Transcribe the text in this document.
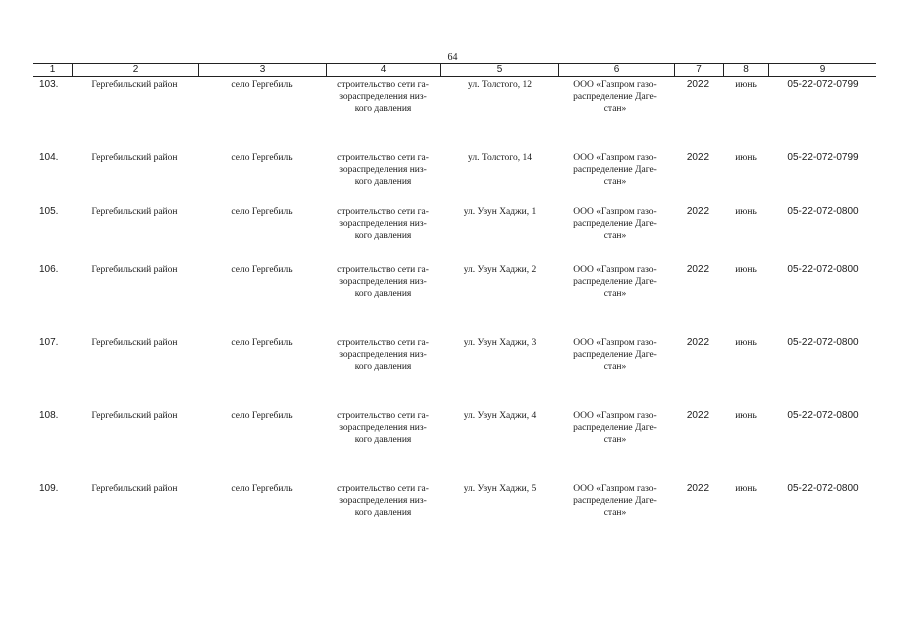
64
1	2	3	4	5	6	7	8	9
103.	Гергебильский район	село Гергебиль	строительство сети га-
зораспределения низ-
кого давления
ул. Толстого, 12	ООО «Газпром газо-
распределение Даге-
стан»
2022	июнь	05-22-072-0799
104.	Гергебильский район	село Гергебиль	строительство сети га-
зораспределения низ-
кого давления
ул. Толстого, 14	ООО «Газпром газо-
распределение Даге-
стан»
2022	июнь	05-22-072-0799
105.	Гергебильский район	село Гергебиль	строительство сети га-
зораспределения низ-
кого давления
ул. Узун Хаджи, 1	ООО «Газпром газо-
распределение Даге-
стан»
2022	июнь	05-22-072-0800
106.	Гергебильский район	село Гергебиль	строительство сети га-
зораспределения низ-
кого давления
ул. Узун Хаджи, 2	ООО «Газпром газо-
распределение Даге-
стан»
2022	июнь	05-22-072-0800
107.	Гергебильский район	село Гергебиль	строительство сети га-
зораспределения низ-
кого давления
ул. Узун Хаджи, 3	ООО «Газпром газо-
распределение Даге-
стан»
2022	июнь	05-22-072-0800
108.	Гергебильский район	село Гергебиль	строительство сети га-
зораспределения низ-
кого давления
ул. Узун Хаджи, 4	ООО «Газпром газо-
распределение Даге-
стан»
2022	июнь	05-22-072-0800
109.	Гергебильский район	село Гергебиль	строительство сети га-
зораспределения низ-
кого давления
ул. Узун Хаджи, 5	ООО «Газпром газо-
распределение Даге-
стан»
2022	июнь	05-22-072-0800
